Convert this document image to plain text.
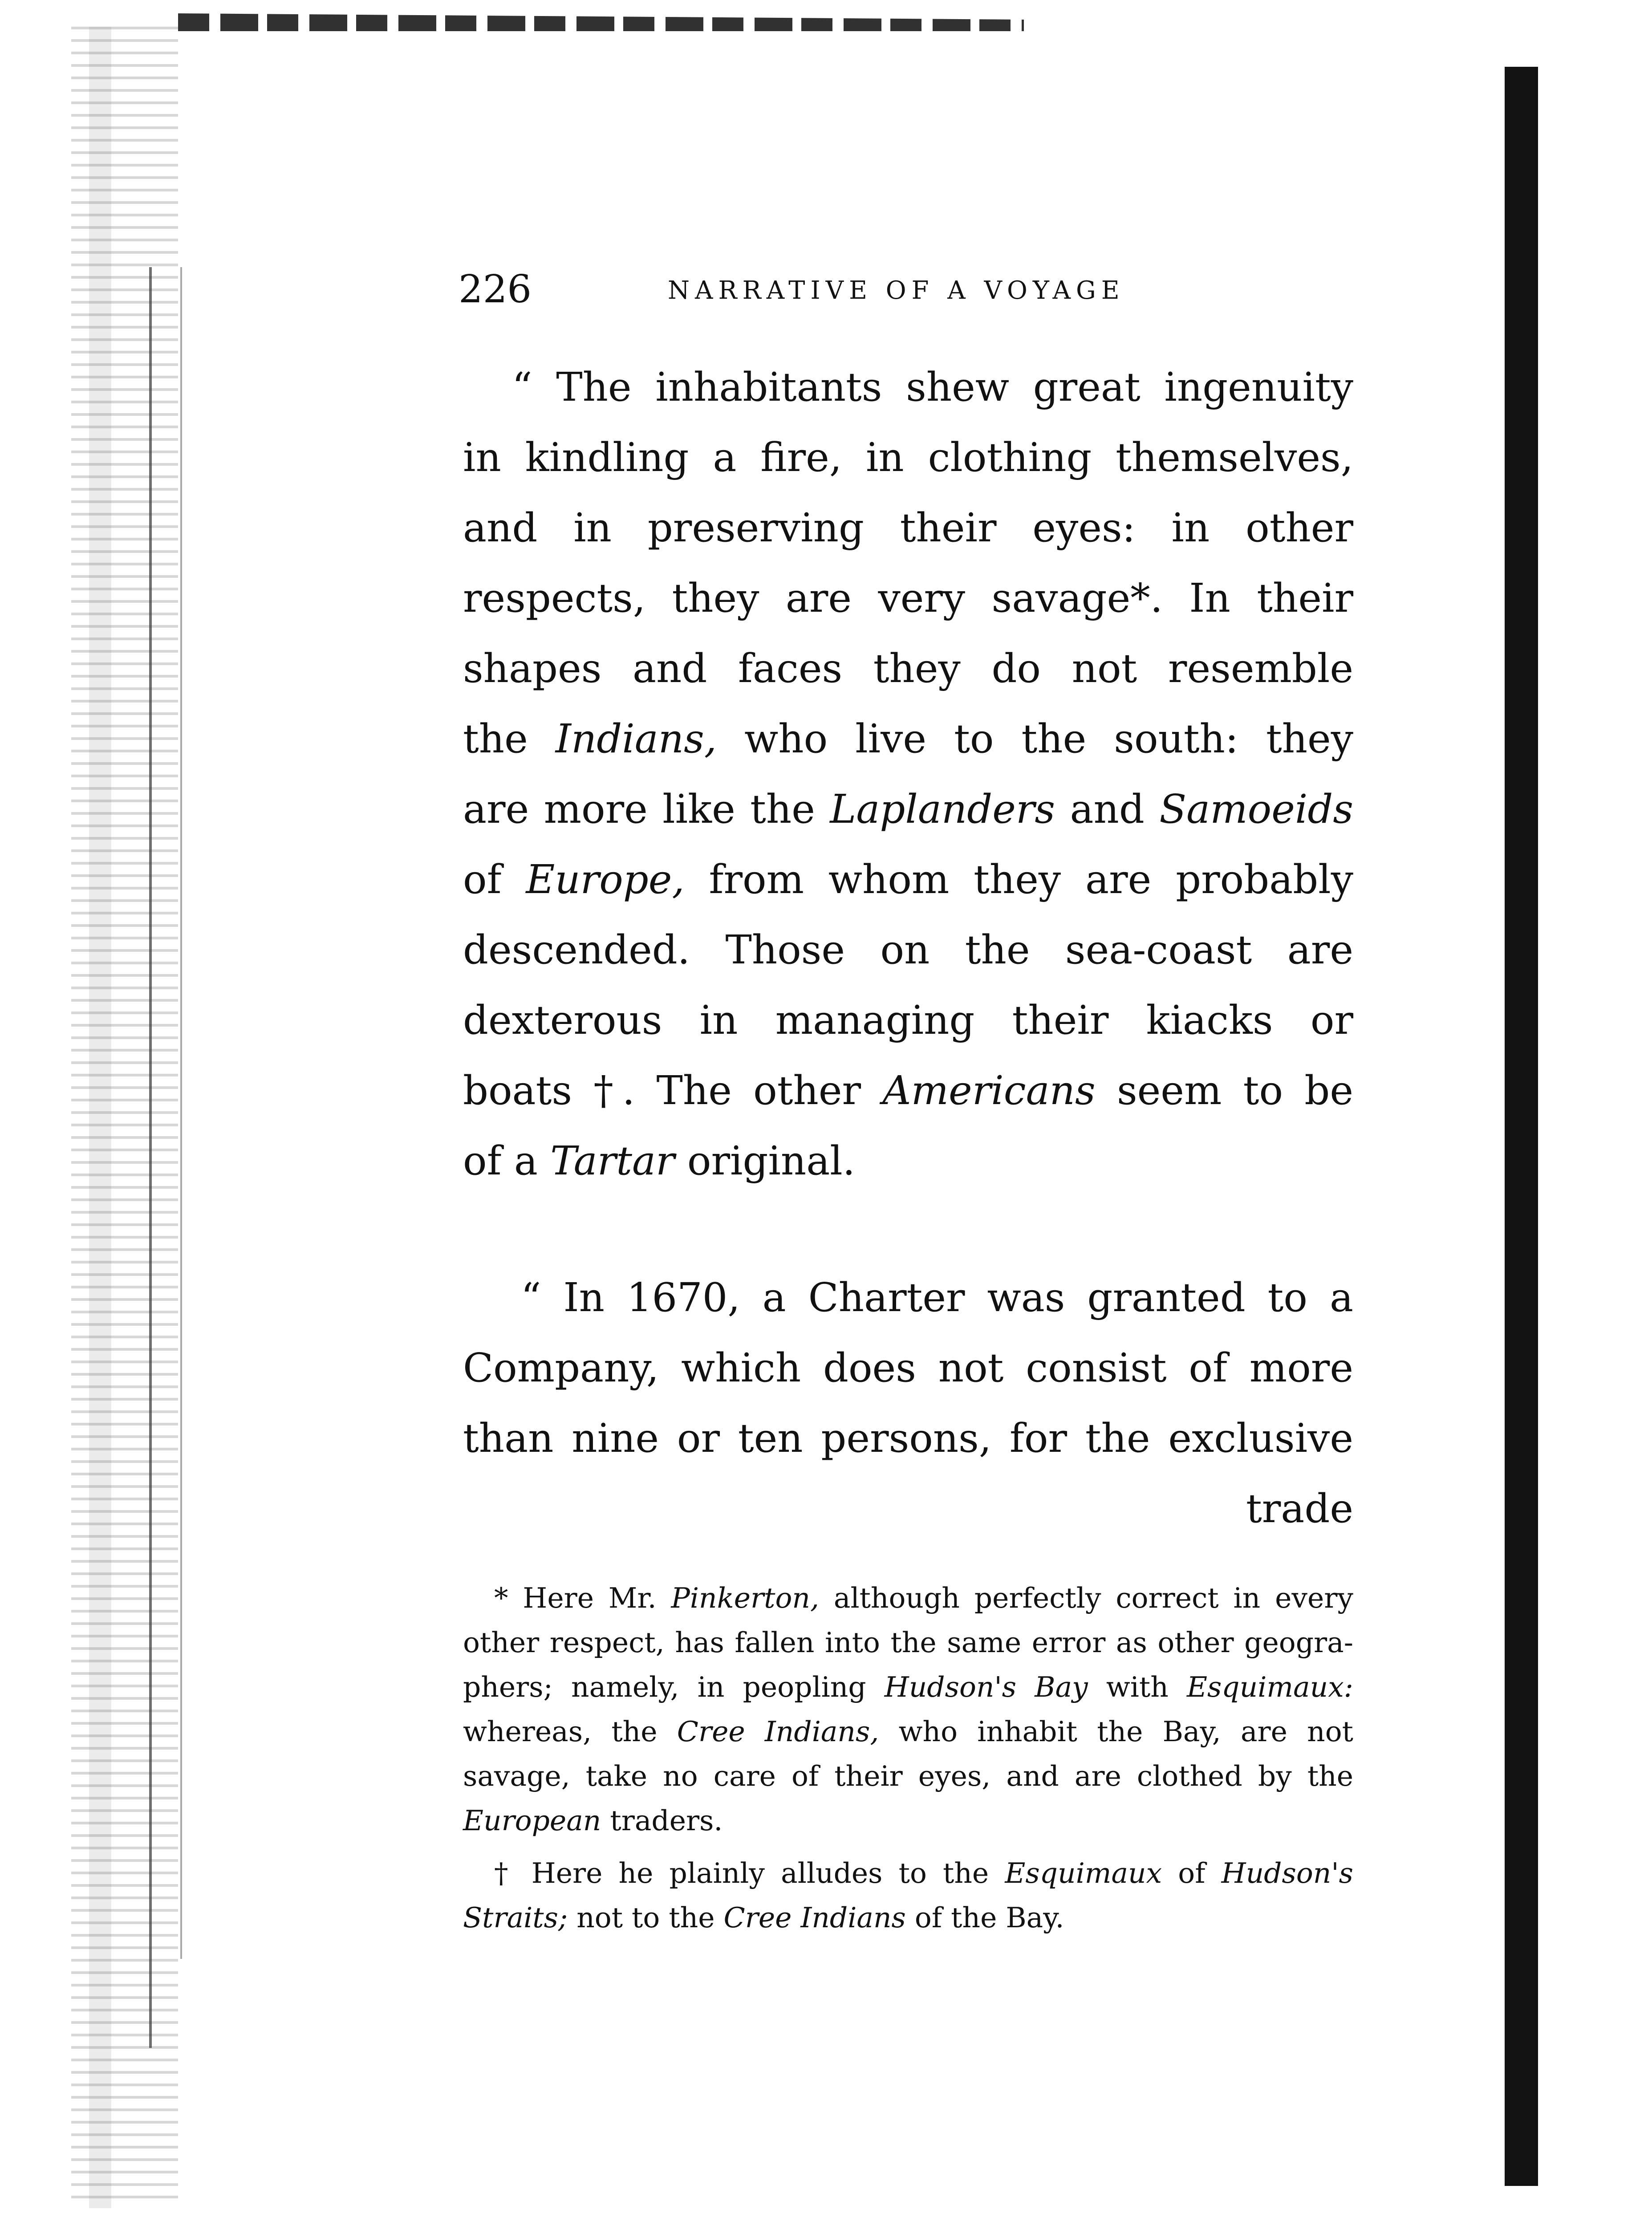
226	NARRATIVE OF A VOYAGE
“ The inhabitants shew great ingenuity
in kindling a fire, in clothing themselves,
and in preserving their eyes: in other
respects, they are very savage*. In their
shapes and faces they do not resemble
the Indians, who live to the south: they
are more like the Laplanders and Samoeids
of Europe, from whom they are probably
descended. Those on the sea-coast are
dexterous in managing their kiacks or
boats †. The other Americans seem to be
of a Tartar original.
“ In 1670, a Charter was granted to a
Company, which does not consist of more
than nine or ten persons, for the exclusive
trade
* Here Mr. Pinkerton, although perfectly correct in every
other respect, has fallen into the same error as other geogra-
phers; namely, in peopling Hudson's Bay with Esquimaux:
whereas, the Cree Indians, who inhabit the Bay, are not
savage, take no care of their eyes, and are clothed by the
European traders.
† Here he plainly alludes to the Esquimaux of Hudson's
Straits; not to the Cree Indians of the Bay.
